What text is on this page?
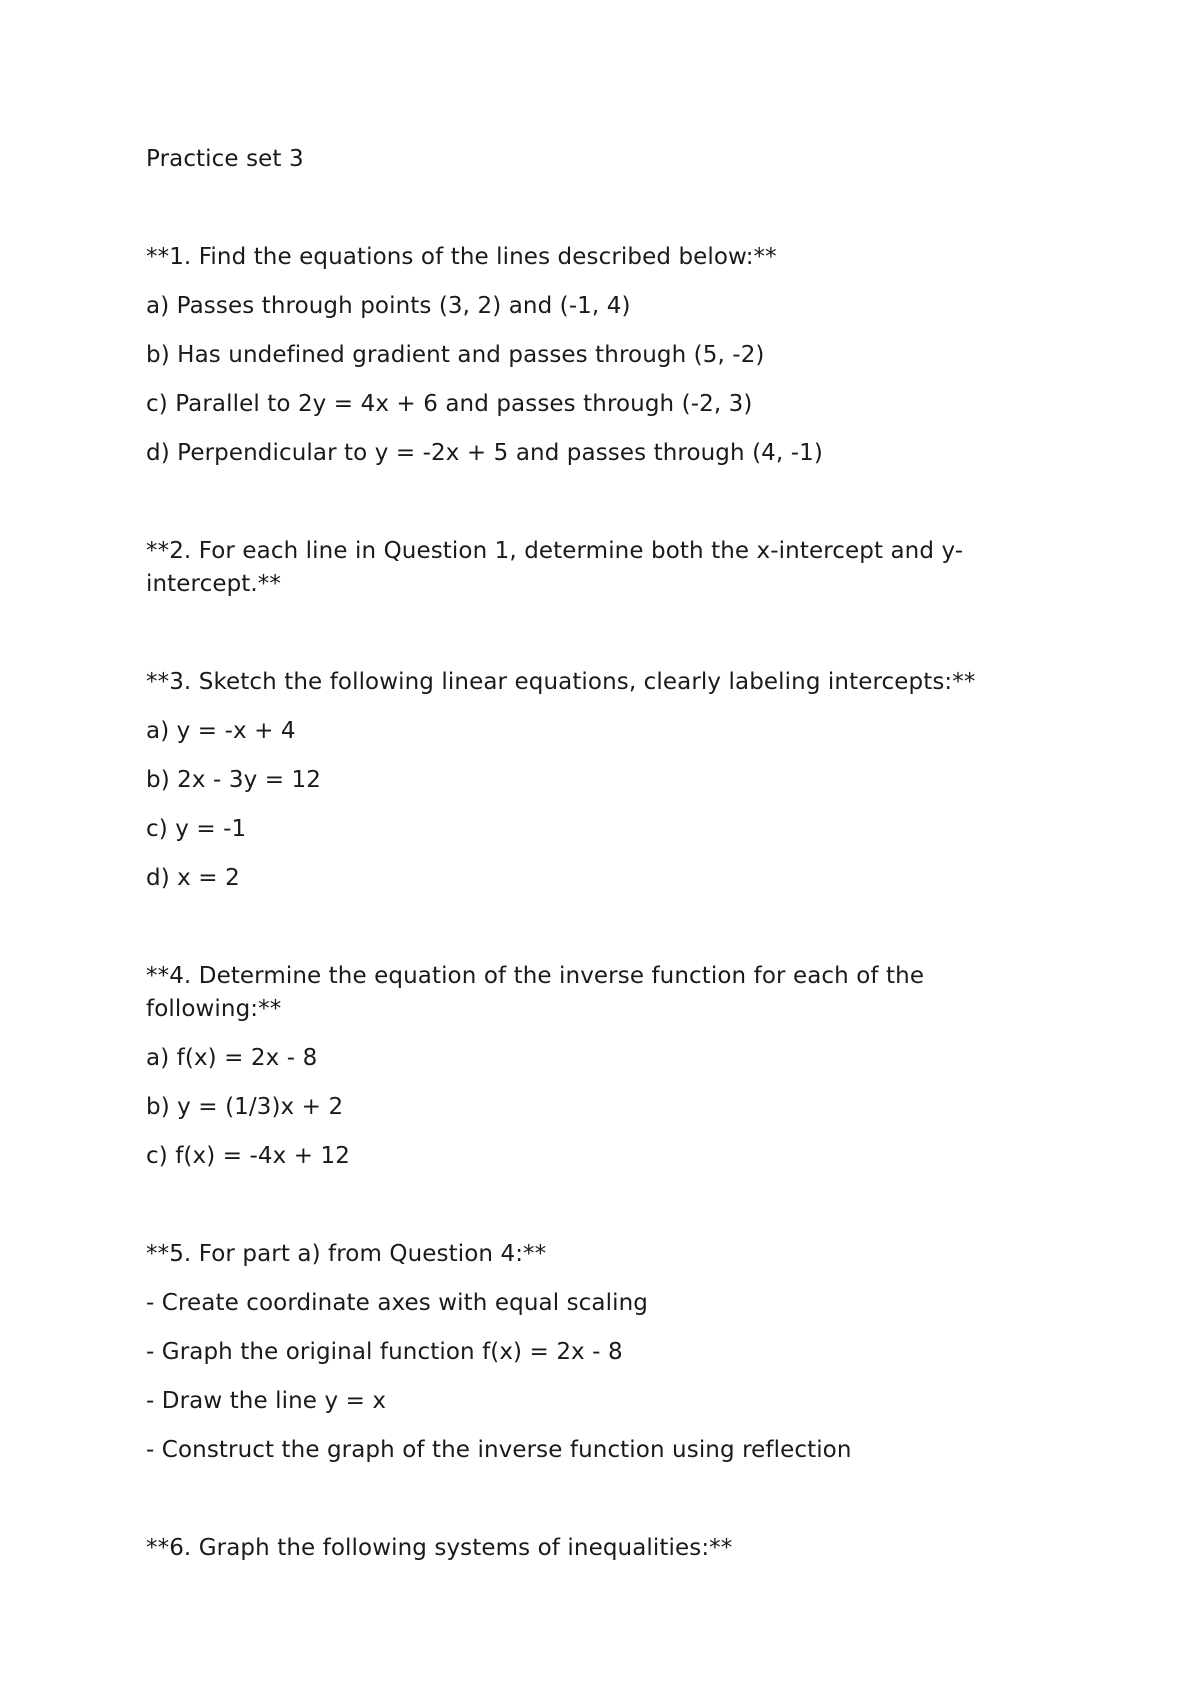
Practice set 3
**1. Find the equations of the lines described below:**
a) Passes through points (3, 2) and (-1, 4)
b) Has undefined gradient and passes through (5, -2)
c) Parallel to 2y = 4x + 6 and passes through (-2, 3)
d) Perpendicular to y = -2x + 5 and passes through (4, -1)
**2. For each line in Question 1, determine both the x-intercept and y-
intercept.**
**3. Sketch the following linear equations, clearly labeling intercepts:**
a) y = -x + 4
b) 2x - 3y = 12
c) y = -1
d) x = 2
**4. Determine the equation of the inverse function for each of the
following:**
a) f(x) = 2x - 8
b) y = (1/3)x + 2
c) f(x) = -4x + 12
**5. For part a) from Question 4:**
- Create coordinate axes with equal scaling
- Graph the original function f(x) = 2x - 8
- Draw the line y = x
- Construct the graph of the inverse function using reflection
**6. Graph the following systems of inequalities:**
